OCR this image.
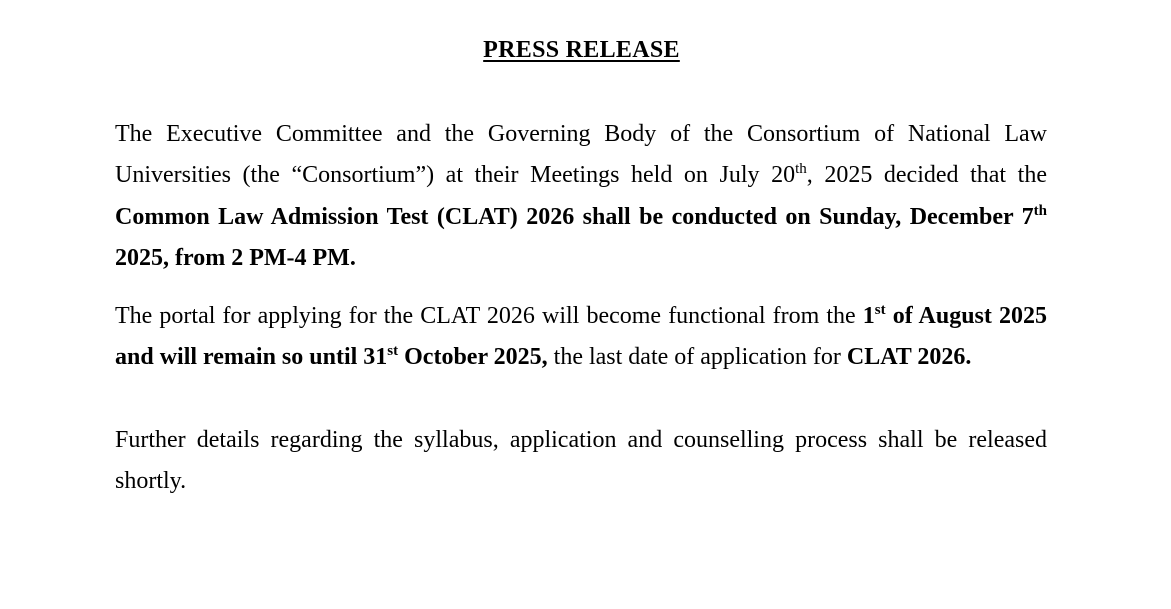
PRESS RELEASE

The Executive Committee and the Governing Body of the Consortium of National Law Universities (the “Consortium”) at their Meetings held on July 20th, 2025 decided that the Common Law Admission Test (CLAT) 2026 shall be conducted on Sunday, December 7th 2025, from 2 PM-4 PM.

The portal for applying for the CLAT 2026 will become functional from the 1st of August 2025 and will remain so until 31st October 2025, the last date of application for CLAT 2026.

Further details regarding the syllabus, application and counselling process shall be released shortly.
